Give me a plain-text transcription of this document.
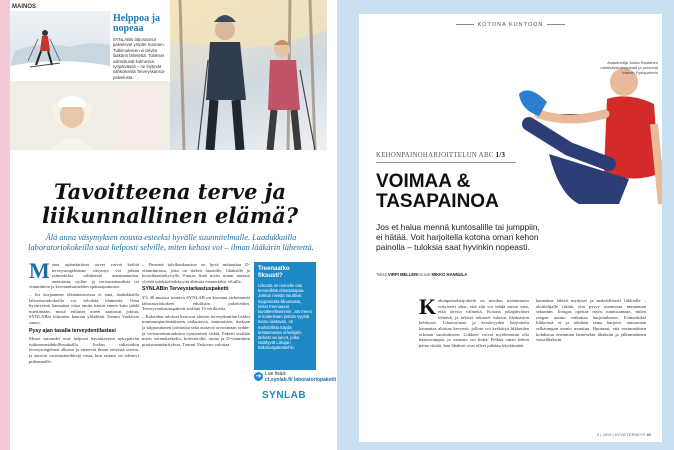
Helppoa ja nopeaa
SYNLABin laboratoriot palvelevat ympäri Suomen. Tutkimukseen ei tarvita lääkärin lähetettä. Tulokset valmistuvat kolmessa työpäivässä – ne löytyvät sähköisestä Terveyskansio-palvelusta.
MAINOS
Tavoitteena terve ja liikunnallinen elämä?
Älä anna väsymyksen nousta esteeksi hyvälle suunnitelmalle. Laadukkailla laboratoriokokeilla saat helposti selville, miten kehosi voi – ilman lääkärin lähetettä.

Monet epämääräiset oireet voivat kielitä terveysongelmista: väsymys voi johtua esimerkiksi vähäisestä unensaannista, anemiasta, sydän- ja verisuonitaudista tai vitamiinien ja kivennäisaineiden epätasapainosta.

– Jos korjaamme elämäntavoissa ei auta, laadukkailla laboratoriokokeilla voi selvittää tilannetta. Oma hyvinvointi kannattaa ottaa omiin käsiin ennen kuin jäädä miettimään, mistä erilaiset oireet saattavat johtua, SYNLABin kliininen kemian ylilääkäri Tommi Vaskivuo sanoo.

Pysy ajan tasalla terveydentilastasi

Moset sairaudet ovat helposti havaittavissa nykypäivän tutkimusmahdollisuuksilla. Joskus vakavatkin terveysongelmat alkavat ja etenevät ilman erityisiä oireita, ja antavat varoitusmerkkejä vasta, kun sairaus on edennyt pidemmälle.

– Pimeinä talvikuukausina on hyvä mittauttaa D-vitamiinitaso, joka on tärkeä luustolle, lihaksille ja koordinaatiokyvylle. Puutos lisää myös muun muassa yleistä infektioherkkyyttä alttiutta esimerkiksi viluille.

SYNLABin Terveystarkastuspaketti

Yli 40 muassa toimiva SYNLAB on koonnut tärkeimmät laboratoriokokeet edullisiin paketteihin. Terveystarkastuspaketti sisältää 13 verikoetta.

– Kokeiden tulokset kertovat yleisen terveydentilan lisäksi immuunipuolustukseen vaikuttavia, munuaisten, maksan ja kilpirauhasen toimintaa sekä auttavat arvioimaan sydän- ja verisuonisairauksien syntymisen riskiä. Paketti sisältää myös veremkeskeliö, kolesterolin, rauan ja D-vitamiinin pitoisuusmääritykset, Tommi Vaskivuo valottaa.

Treenaatko fiksusti?
Liikunta on monelle osa terveellistä elämäntapaa. Joskus meistä nauttivat teppoisesta liikunnasta, toiset treenaavat tavoitteellisemmin. Jos treeni ei kuitenkaan jostain syystä tunnu luistavan, on mahdollista käydä testaamassa urheilijalle tärkeät veriarvot, jotka sisältyvät Liikujan tutkimuspaketteihin.
➜ Lue lisää:
ct.synlab.fi/ laboratoriopaketit
SYNLAB
KOTONA KUNTOON
Asiantuntija Jukka Rautanen urheilufysioterapeutti ja personal trainer, Fysiopalvelu
KEHONPAINOHARJOITTELUN ABC 1/3
VOIMAA &
TASAPAINOA
Jos et halua mennä kuntosalille tai jumppiin, ei hätää. Voit harjoitella kotona oman kehon painolla – tuloksia saat hyvinkin nopeasti.
Teksti VIRPI MELLERI Kuvat MIKKO HANNULA

Kehonpainoharjoittelu on nerokas treenimuoto erityisesti siksi, että sitä voi tehdä missä vain, eikä tarvita välineitä. Kotona jokapäiväiset tehtävät ja arkiset askareet tukevat lihaksiston kehitystä. Lihasvoiman ja kestävyyden harjoittelu kannattaa aloittaa kevyesti, jolloin voi keskittyä liikkeiden oikeaan suoritukseen. Liikkeet voivat myöhemmin olla haastavampia, ja vastusta voi lisätä. Pelkkä oman kehon paino riittää, kun lihakset ovat olleet pitkään käyttämättä.

kannattaa lähteä myöjiset ja mahdollisesti liikkeille – aloittelijalle riittää, että pysyy asennossa muutaman sekunnin. Jorugas opettaa myös tunnistamaan, miten rangan asento vaikuttaa harjoitukseen. Esimerkiksi liikkeissä ei ja tehdään sama harjoite, ainoastaan selkärangan asento muuttuu. Huomaat, että ensimmäinen kohdistuu enemmän lanneselän lihaksiin ja jälkimmäinen vatsalihaksiin.

2 | 2019 | HYVÄ TERVEYS 49
